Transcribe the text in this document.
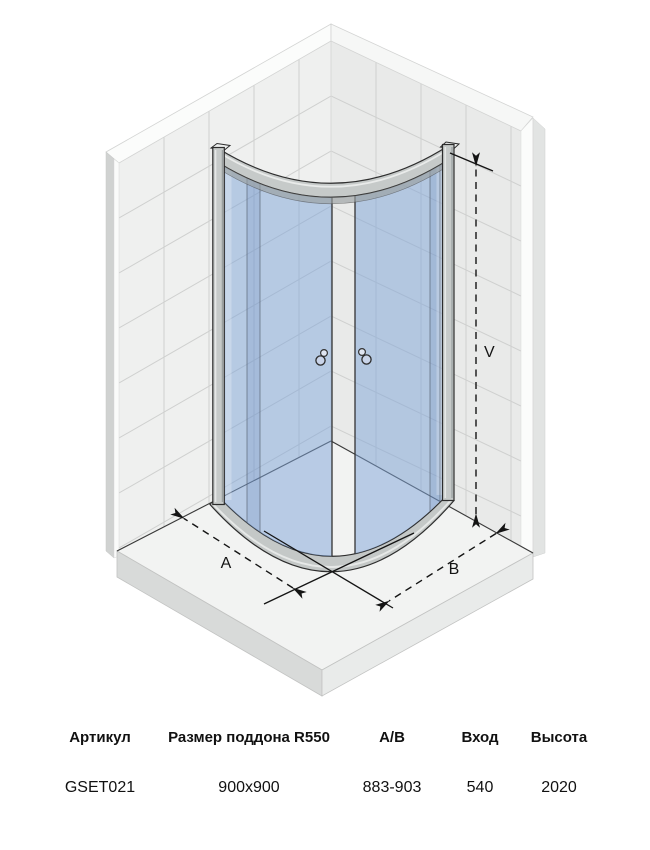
A	B
V
Артикул	Размер поддона R550	А/В	Вход	Высота
GSET021	900x900	883-903	540	2020
